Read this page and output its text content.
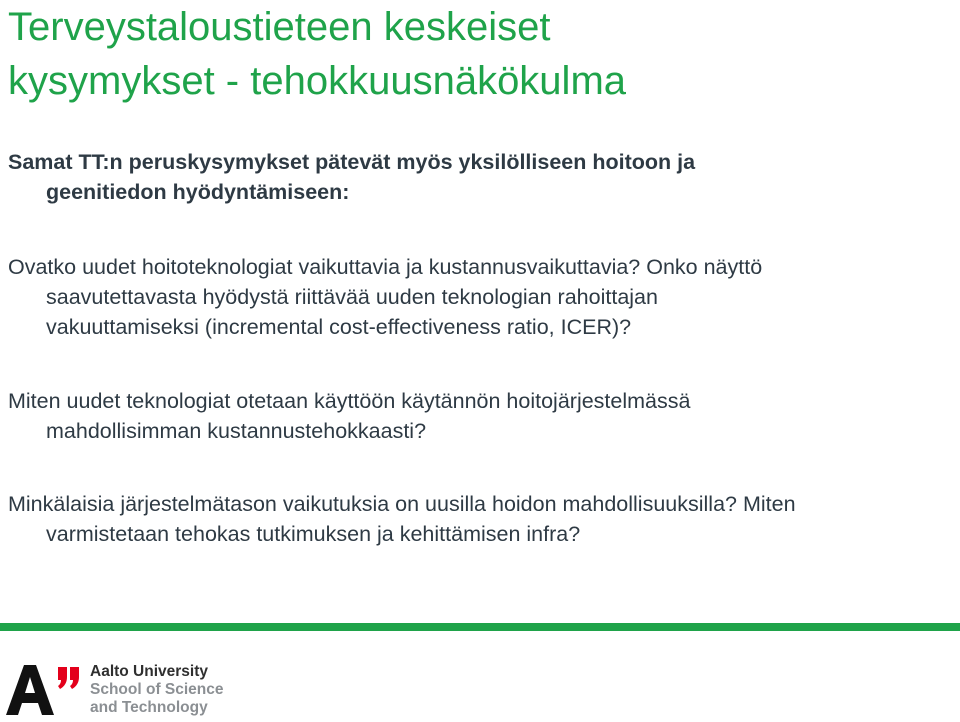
Terveystaloustieteen keskeiset
kysymykset - tehokkuusnäkökulma
Samat TT:n peruskysymykset pätevät myös yksilölliseen hoitoon ja
geenitiedon hyödyntämiseen:
Ovatko uudet hoitoteknologiat vaikuttavia ja kustannusvaikuttavia? Onko näyttö
saavutettavasta hyödystä riittävää uuden teknologian rahoittajan
vakuuttamiseksi (incremental cost-effectiveness ratio, ICER)?
Miten uudet teknologiat otetaan käyttöön käytännön hoitojärjestelmässä
mahdollisimman kustannustehokkaasti?
Minkälaisia järjestelmätason vaikutuksia on uusilla hoidon mahdollisuuksilla? Miten
varmistetaan tehokas tutkimuksen ja kehittämisen infra?
Aalto University
School of Science
and Technology
